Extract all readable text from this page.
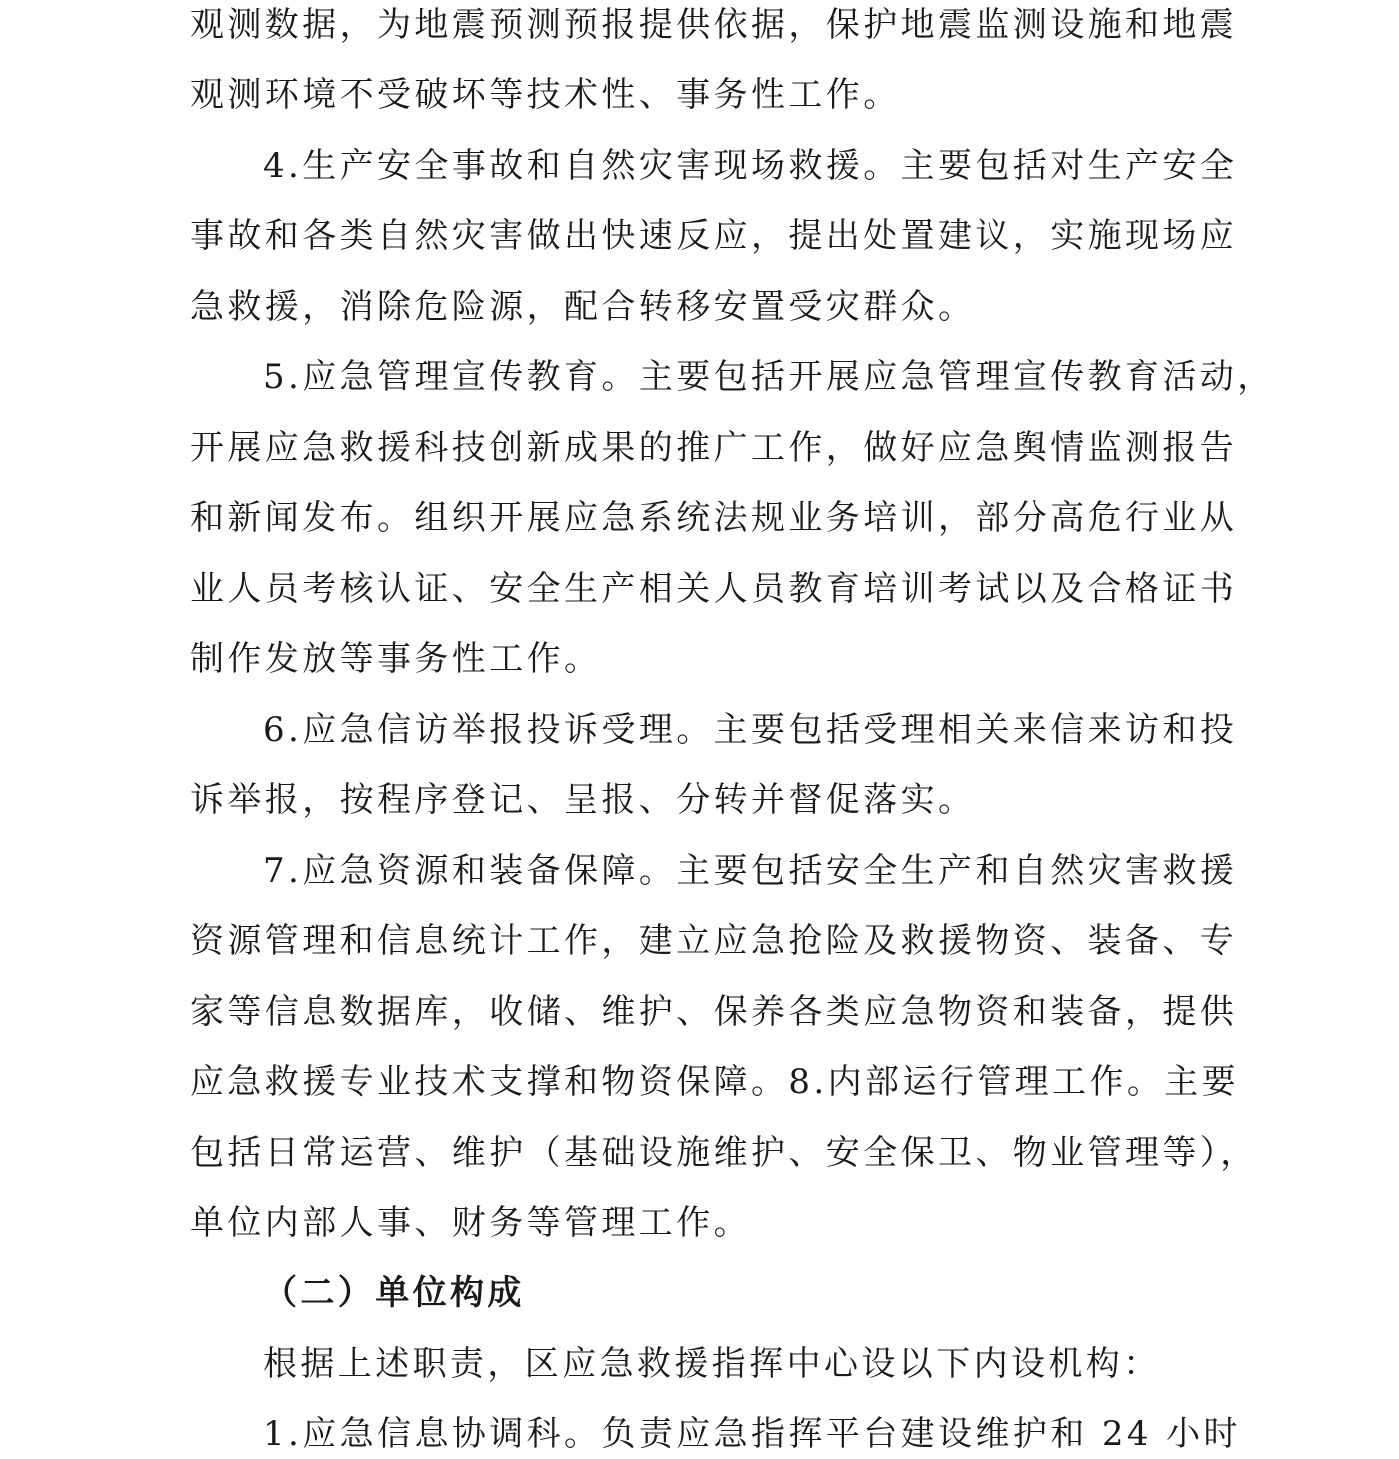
观测数据，为地震预测预报提供依据，保护地震监测设施和地震
观测环境不受破坏等技术性、事务性工作。
4.生产安全事故和自然灾害现场救援。主要包括对生产安全
事故和各类自然灾害做出快速反应，提出处置建议，实施现场应
急救援，消除危险源，配合转移安置受灾群众。
5.应急管理宣传教育。主要包括开展应急管理宣传教育活动，
开展应急救援科技创新成果的推广工作，做好应急舆情监测报告
和新闻发布。组织开展应急系统法规业务培训，部分高危行业从
业人员考核认证、安全生产相关人员教育培训考试以及合格证书
制作发放等事务性工作。
6.应急信访举报投诉受理。主要包括受理相关来信来访和投
诉举报，按程序登记、呈报、分转并督促落实。
7.应急资源和装备保障。主要包括安全生产和自然灾害救援
资源管理和信息统计工作，建立应急抢险及救援物资、装备、专
家等信息数据库，收储、维护、保养各类应急物资和装备，提供
应急救援专业技术支撑和物资保障。8.内部运行管理工作。主要
包括日常运营、维护（基础设施维护、安全保卫、物业管理等），
单位内部人事、财务等管理工作。
（二）单位构成
根据上述职责，区应急救援指挥中心设以下内设机构：
1.应急信息协调科。负责应急指挥平台建设维护和 24 小时
